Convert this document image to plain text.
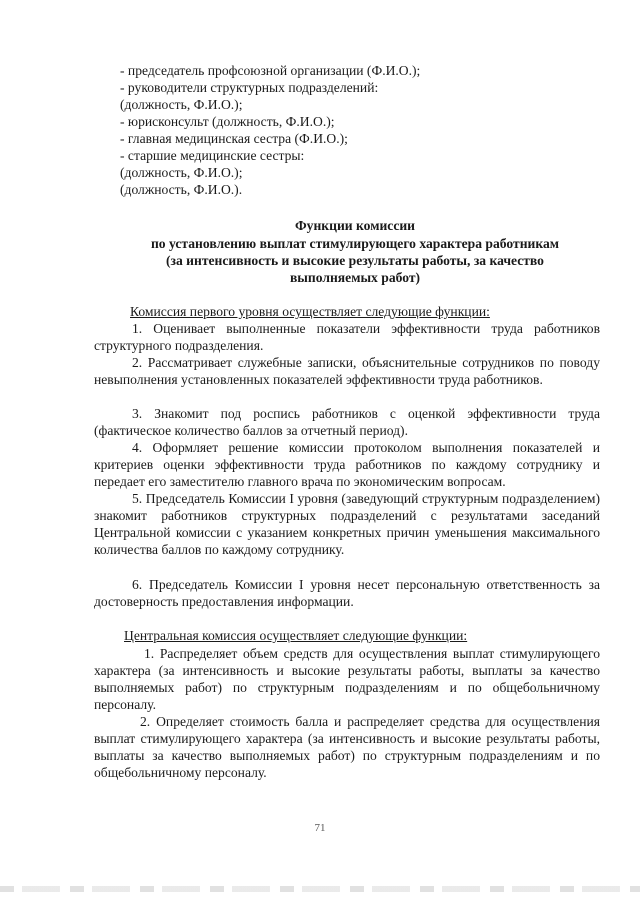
- председатель профсоюзной организации (Ф.И.О.);
- руководители структурных подразделений:
(должность, Ф.И.О.);
- юрисконсульт (должность, Ф.И.О.);
- главная медицинская сестра (Ф.И.О.);
- старшие медицинские сестры:
(должность, Ф.И.О.);
(должность, Ф.И.О.).
Функции комиссии
по установлению выплат стимулирующего характера работникам
(за интенсивность и высокие результаты работы, за качество
выполняемых работ)
Комиссия первого уровня осуществляет следующие функции:
1. Оценивает выполненные показатели эффективности труда работников структурного подразделения.
2. Рассматривает служебные записки, объяснительные сотрудников по поводу невыполнения установленных показателей эффективности труда работников.
3. Знакомит под роспись работников с оценкой эффективности труда (фактическое количество баллов за отчетный период).
4. Оформляет решение комиссии протоколом выполнения показателей и критериев оценки эффективности труда работников по каждому сотруднику и передает его заместителю главного врача по экономическим вопросам.
5. Председатель Комиссии I уровня (заведующий структурным подразделением) знакомит работников структурных подразделений с результатами заседаний Центральной комиссии с указанием конкретных причин уменьшения максимального количества баллов по каждому сотруднику.
6. Председатель Комиссии I уровня несет персональную ответственность за достоверность предоставления информации.
Центральная комиссия осуществляет следующие функции:
1. Распределяет объем средств для осуществления выплат стимулирующего характера (за интенсивность и высокие результаты работы, выплаты за качество выполняемых работ) по структурным подразделениям и по общебольничному персоналу.
2. Определяет стоимость балла и распределяет средства для осуществления выплат стимулирующего характера (за интенсивность и высокие результаты работы, выплаты за качество выполняемых работ) по структурным подразделениям и по общебольничному персоналу.
71
